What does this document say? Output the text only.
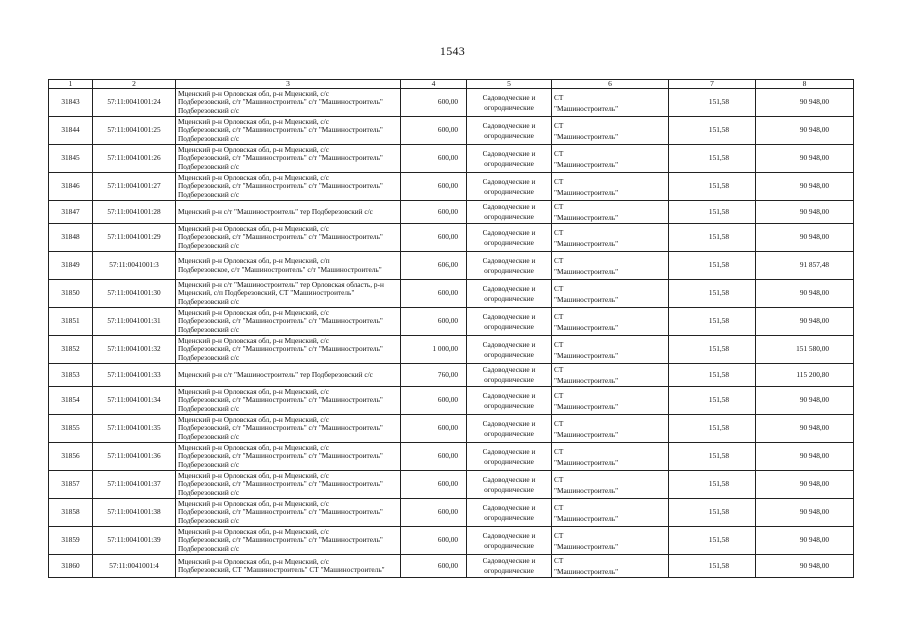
1543
1	2	3	4	5	6	7	8
31843	57:11:0041001:24	Мценский р-н Орловская обл, р-н Мценский, с/с
Подберезовский, с/т "Машиностроитель" с/т "Машиностроитель"
Подберезовский с/с	600,00	Садоводческие и
огороднические	СТ
"Машиностроитель"	151,58	90 948,00
31844	57:11:0041001:25	Мценский р-н Орловская обл, р-н Мценский, с/с
Подберезовский, с/т "Машиностроитель" с/т "Машиностроитель"
Подберезовский с/с	600,00	Садоводческие и
огороднические	СТ
"Машиностроитель"	151,58	90 948,00
31845	57:11:0041001:26	Мценский р-н Орловская обл, р-н Мценский, с/с
Подберезовский, с/т "Машиностроитель" с/т "Машиностроитель"
Подберезовский с/с	600,00	Садоводческие и
огороднические	СТ
"Машиностроитель"	151,58	90 948,00
31846	57:11:0041001:27	Мценский р-н Орловская обл, р-н Мценский, с/с
Подберезовский, с/т "Машиностроитель" с/т "Машиностроитель"
Подберезовский с/с	600,00	Садоводческие и
огороднические	СТ
"Машиностроитель"	151,58	90 948,00
31847	57:11:0041001:28	Мценский р-н с/т "Машиностроитель" тер Подберезовский с/с	600,00	Садоводческие и
огороднические	СТ
"Машиностроитель"	151,58	90 948,00
31848	57:11:0041001:29	Мценский р-н Орловская обл, р-н Мценский, с/с
Подберезовский, с/т "Машиностроитель" с/т "Машиностроитель"
Подберезовский с/с	600,00	Садоводческие и
огороднические	СТ
"Машиностроитель"	151,58	90 948,00
31849	57:11:0041001:3	Мценский р-н Орловская обл, р-н Мценский, с/п
Подберезовское, с/т "Машиностроитель" с/т "Машиностроитель"	606,00	Садоводческие и
огороднические	СТ
"Машиностроитель"	151,58	91 857,48
31850	57:11:0041001:30	Мценский р-н с/т "Машиностроитель" тер Орловская область, р-н
Мценский, с/п Подберезовский, СТ "Машиностроитель"
Подберезовский с/с	600,00	Садоводческие и
огороднические	СТ
"Машиностроитель"	151,58	90 948,00
31851	57:11:0041001:31	Мценский р-н Орловская обл, р-н Мценский, с/с
Подберезовский, с/т "Машиностроитель" с/т "Машиностроитель"
Подберезовский с/с	600,00	Садоводческие и
огороднические	СТ
"Машиностроитель"	151,58	90 948,00
31852	57:11:0041001:32	Мценский р-н Орловская обл, р-н Мценский, с/с
Подберезовский, с/т "Машиностроитель" с/т "Машиностроитель"
Подберезовский с/с	1 000,00	Садоводческие и
огороднические	СТ
"Машиностроитель"	151,58	151 580,00
31853	57:11:0041001:33	Мценский р-н с/т "Машиностроитель" тер Подберезовский с/с	760,00	Садоводческие и
огороднические	СТ
"Машиностроитель"	151,58	115 200,80
31854	57:11:0041001:34	Мценский р-н Орловская обл, р-н Мценский, с/с
Подберезовский, с/т "Машиностроитель" с/т "Машиностроитель"
Подберезовский с/с	600,00	Садоводческие и
огороднические	СТ
"Машиностроитель"	151,58	90 948,00
31855	57:11:0041001:35	Мценский р-н Орловская обл, р-н Мценский, с/с
Подберезовский, с/т "Машиностроитель" с/т "Машиностроитель"
Подберезовский с/с	600,00	Садоводческие и
огороднические	СТ
"Машиностроитель"	151,58	90 948,00
31856	57:11:0041001:36	Мценский р-н Орловская обл, р-н Мценский, с/с
Подберезовский, с/т "Машиностроитель" с/т "Машиностроитель"
Подберезовский с/с	600,00	Садоводческие и
огороднические	СТ
"Машиностроитель"	151,58	90 948,00
31857	57:11:0041001:37	Мценский р-н Орловская обл, р-н Мценский, с/с
Подберезовский, с/т "Машиностроитель" с/т "Машиностроитель"
Подберезовский с/с	600,00	Садоводческие и
огороднические	СТ
"Машиностроитель"	151,58	90 948,00
31858	57:11:0041001:38	Мценский р-н Орловская обл, р-н Мценский, с/с
Подберезовский, с/т "Машиностроитель" с/т "Машиностроитель"
Подберезовский с/с	600,00	Садоводческие и
огороднические	СТ
"Машиностроитель"	151,58	90 948,00
31859	57:11:0041001:39	Мценский р-н Орловская обл, р-н Мценский, с/с
Подберезовский, с/т "Машиностроитель" с/т "Машиностроитель"
Подберезовский с/с	600,00	Садоводческие и
огороднические	СТ
"Машиностроитель"	151,58	90 948,00
31860	57:11:0041001:4	Мценский р-н Орловская обл, р-н Мценский, с/с
Подберезовский, СТ "Машиностроитель" СТ "Машиностроитель"	600,00	Садоводческие и
огороднические	СТ
"Машиностроитель"	151,58	90 948,00
